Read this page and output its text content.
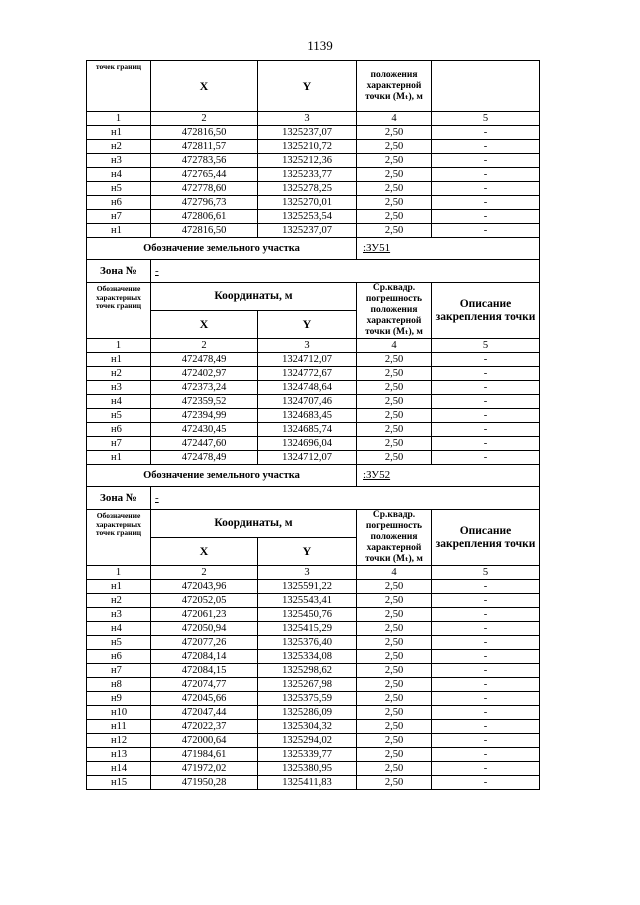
1139
точек границ	X	Y	положения характерной точки (Мₜ), м	
1	2	3	4	5
н1	472816,50	1325237,07	2,50	-
н2	472811,57	1325210,72	2,50	-
н3	472783,56	1325212,36	2,50	-
н4	472765,44	1325233,77	2,50	-
н5	472778,60	1325278,25	2,50	-
н6	472796,73	1325270,01	2,50	-
н7	472806,61	1325253,54	2,50	-
н1	472816,50	1325237,07	2,50	-
Обозначение земельного участка			:ЗУ51	
Зона №	-			
Обозначение характерных точек границ	Координаты, м		Ср.квадр. погрешность положения характерной точки (Мₜ), м	Описание закрепления точки
	X	Y		
1	2	3	4	5
н1	472478,49	1324712,07	2,50	-
н2	472402,97	1324772,67	2,50	-
н3	472373,24	1324748,64	2,50	-
н4	472359,52	1324707,46	2,50	-
н5	472394,99	1324683,45	2,50	-
н6	472430,45	1324685,74	2,50	-
н7	472447,60	1324696,04	2,50	-
н1	472478,49	1324712,07	2,50	-
Обозначение земельного участка			:ЗУ52	
Зона №	-			
Обозначение характерных точек границ	Координаты, м		Ср.квадр. погрешность положения характерной точки (Мₜ), м	Описание закрепления точки
	X	Y		
1	2	3	4	5
н1	472043,96	1325591,22	2,50	-
н2	472052,05	1325543,41	2,50	-
н3	472061,23	1325450,76	2,50	-
н4	472050,94	1325415,29	2,50	-
н5	472077,26	1325376,40	2,50	-
н6	472084,14	1325334,08	2,50	-
н7	472084,15	1325298,62	2,50	-
н8	472074,77	1325267,98	2,50	-
н9	472045,66	1325375,59	2,50	-
н10	472047,44	1325286,09	2,50	-
н11	472022,37	1325304,32	2,50	-
н12	472000,64	1325294,02	2,50	-
н13	471984,61	1325339,77	2,50	-
н14	471972,02	1325380,95	2,50	-
н15	471950,28	1325411,83	2,50	-
